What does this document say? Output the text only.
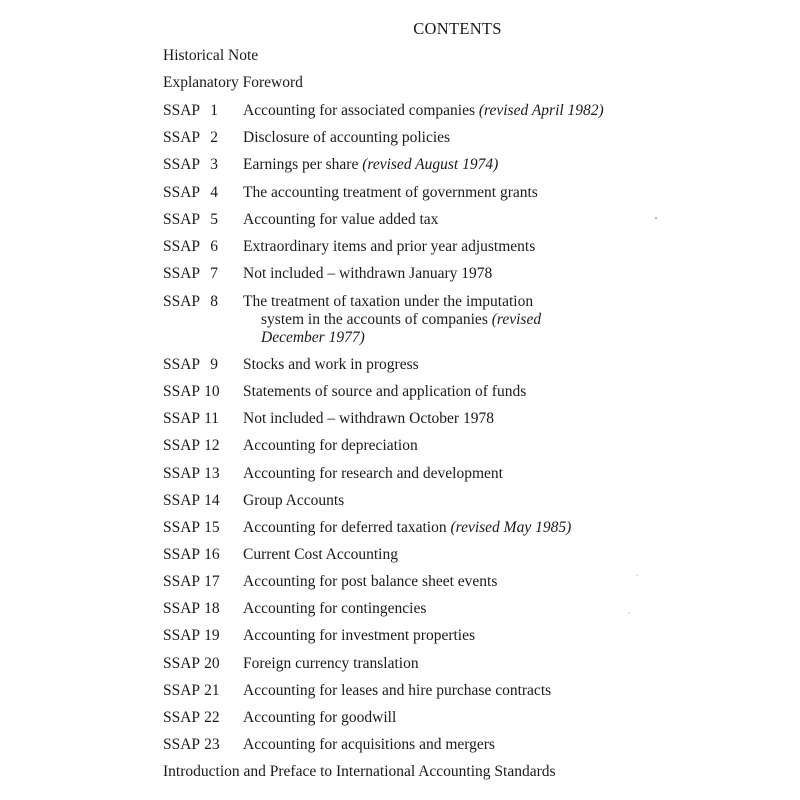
CONTENTS
Historical Note
Explanatory Foreword
SSAP 1	Accounting for associated companies (revised April 1982)
SSAP 2	Disclosure of accounting policies
SSAP 3	Earnings per share (revised August 1974)
SSAP 4	The accounting treatment of government grants
SSAP 5	Accounting for value added tax
SSAP 6	Extraordinary items and prior year adjustments
SSAP 7	Not included – withdrawn January 1978
SSAP 8	The treatment of taxation under the imputation
system in the accounts of companies (revised
December 1977)
SSAP 9	Stocks and work in progress
SSAP 10	Statements of source and application of funds
SSAP 11	Not included – withdrawn October 1978
SSAP 12	Accounting for depreciation
SSAP 13	Accounting for research and development
SSAP 14	Group Accounts
SSAP 15	Accounting for deferred taxation (revised May 1985)
SSAP 16	Current Cost Accounting
SSAP 17	Accounting for post balance sheet events
SSAP 18	Accounting for contingencies
SSAP 19	Accounting for investment properties
SSAP 20	Foreign currency translation
SSAP 21	Accounting for leases and hire purchase contracts
SSAP 22	Accounting for goodwill
SSAP 23	Accounting for acquisitions and mergers
Introduction and Preface to International Accounting Standards
